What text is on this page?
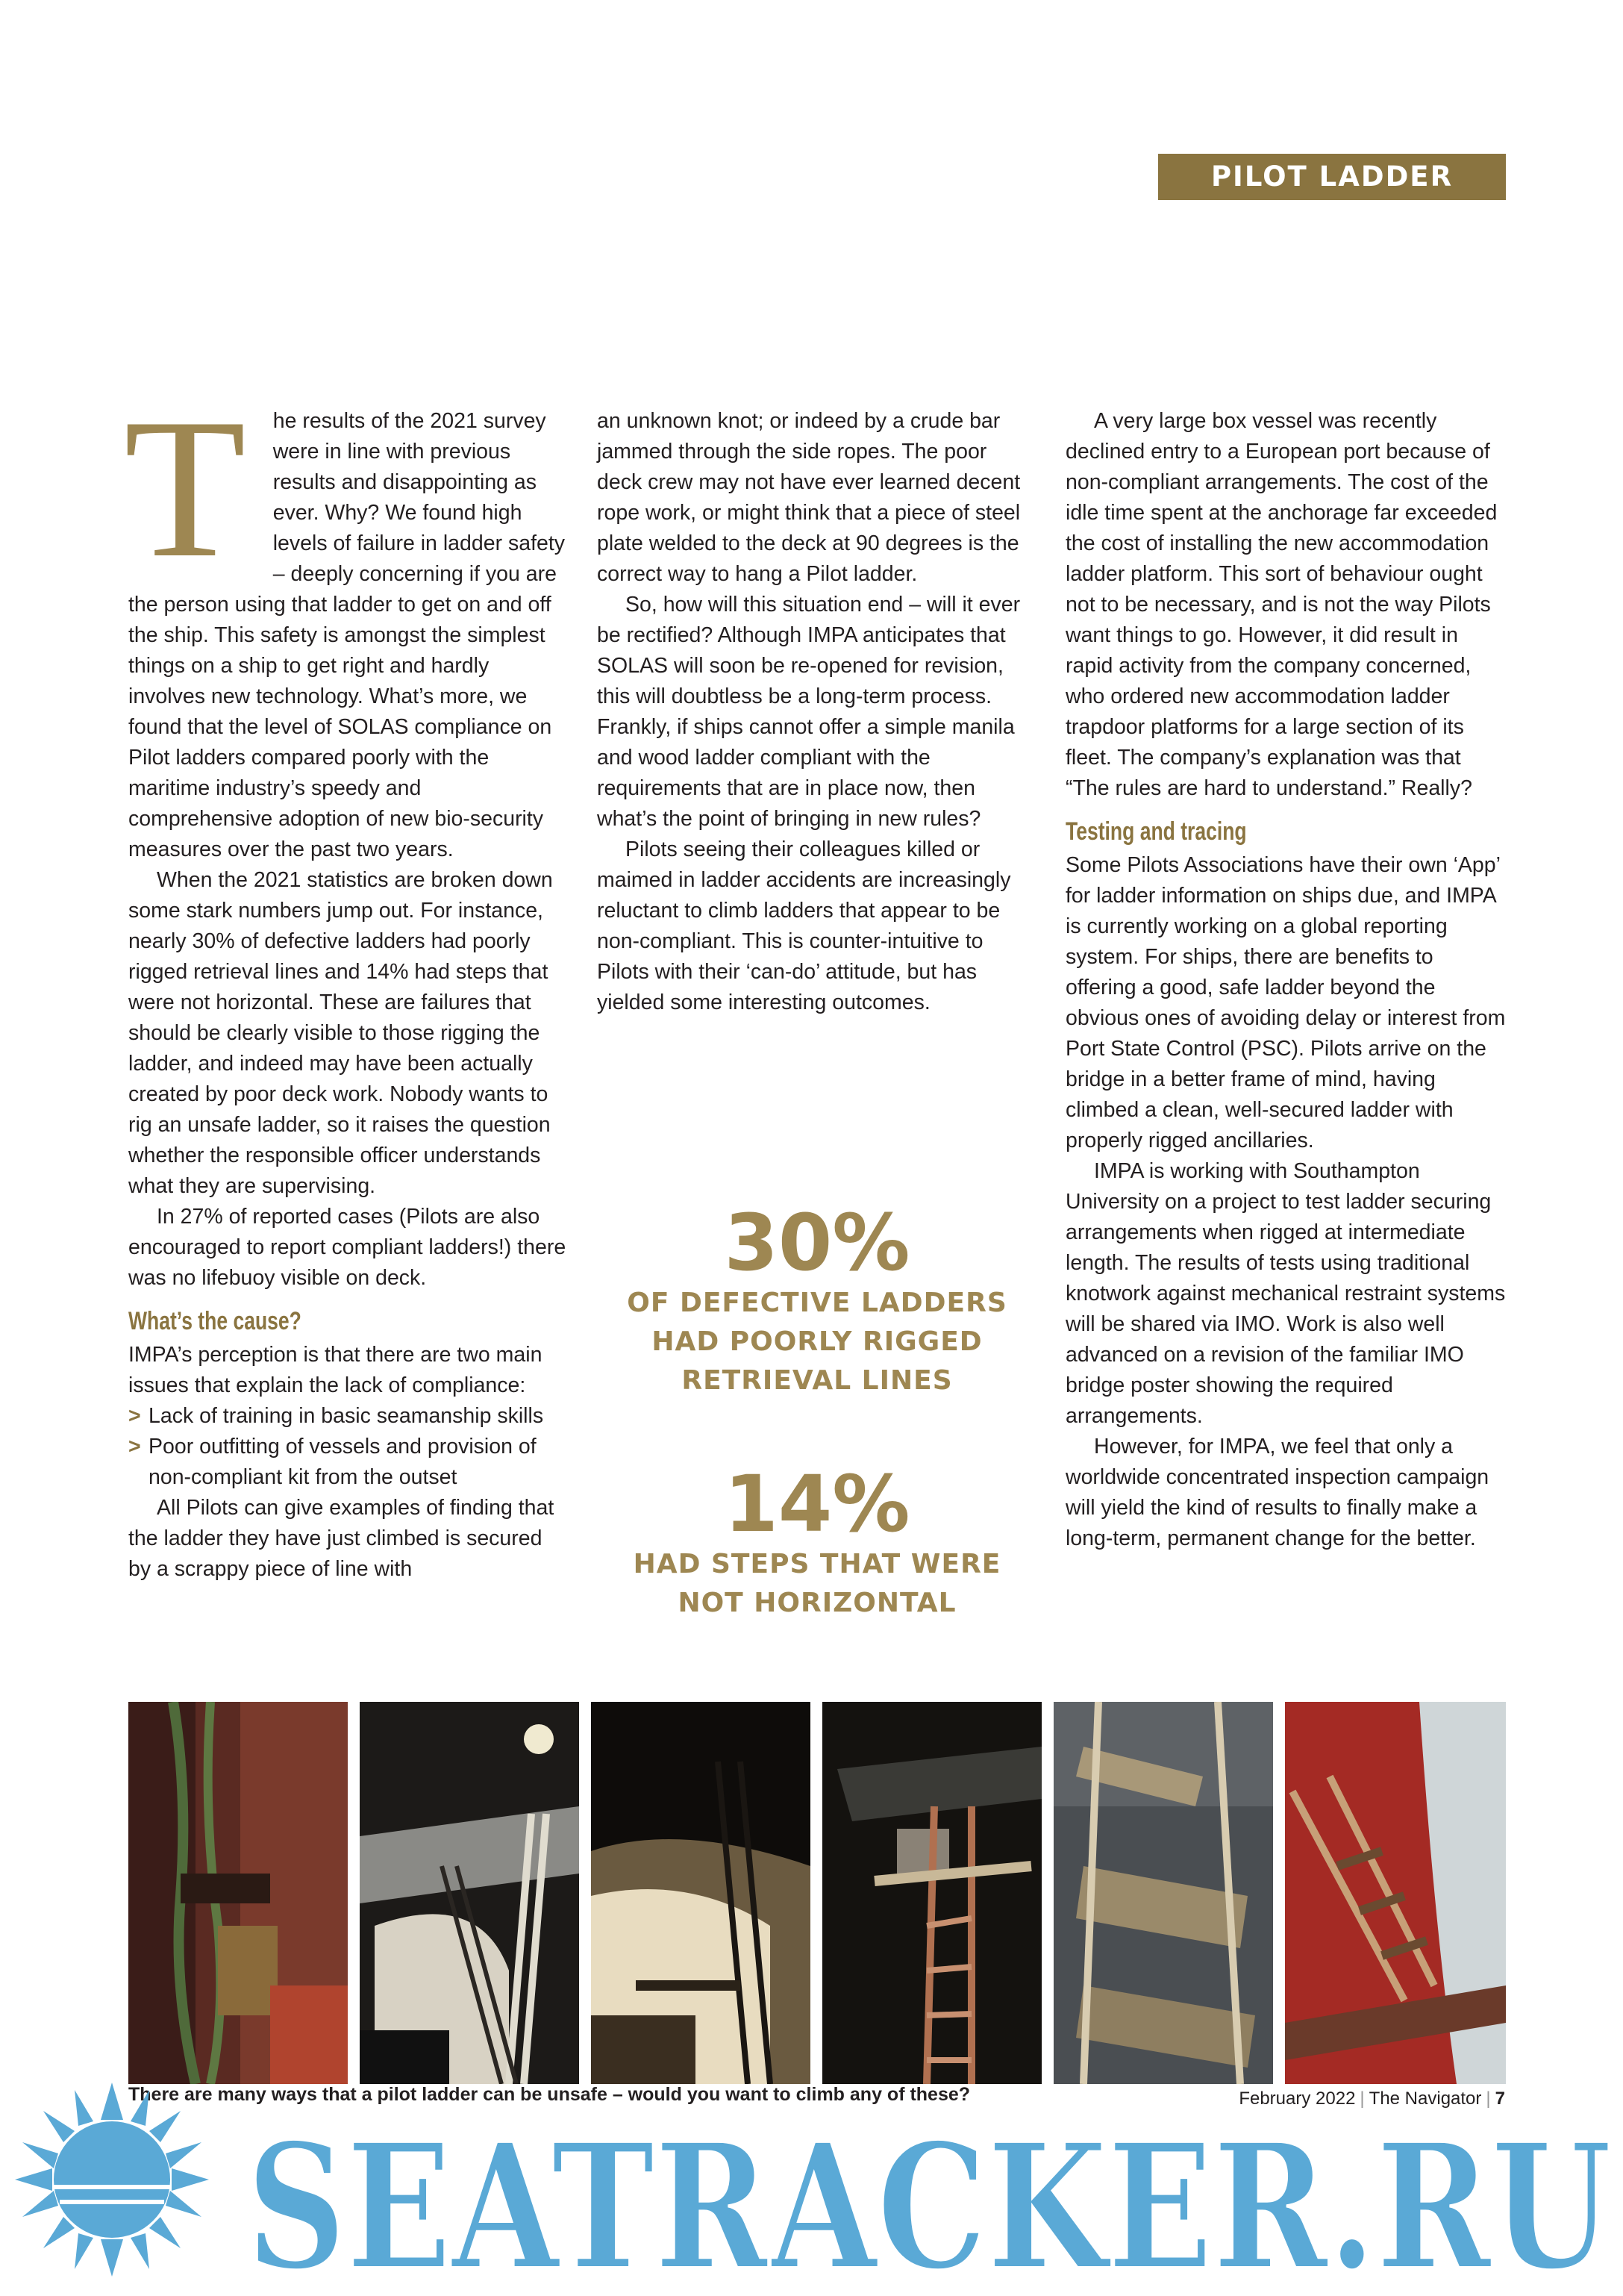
PILOT LADDER SAFETY

T he results of the 2021 survey were in line with previous results and disappointing as ever. Why? We found high levels of failure in ladder safety – deeply concerning if you are the person using that ladder to get on and off the ship. This safety is amongst the simplest things on a ship to get right and hardly involves new technology. What’s more, we found that the level of SOLAS compliance on Pilot ladders compared poorly with the maritime industry’s speedy and comprehensive adoption of new bio-security measures over the past two years.

When the 2021 statistics are broken down some stark numbers jump out. For instance, nearly 30% of defective ladders had poorly rigged retrieval lines and 14% had steps that were not horizontal. These are failures that should be clearly visible to those rigging the ladder, and indeed may have been actually created by poor deck work. Nobody wants to rig an unsafe ladder, so it raises the question whether the responsible officer understands what they are supervising.

In 27% of reported cases (Pilots are also encouraged to report compliant ladders!) there was no lifebuoy visible on deck.

What’s the cause?

IMPA’s perception is that there are two main issues that explain the lack of compliance:

> Lack of training in basic seamanship skills
> Poor outfitting of vessels and provision of non-compliant kit from the outset

All Pilots can give examples of finding that the ladder they have just climbed is secured by a scrappy piece of line with

an unknown knot; or indeed by a crude bar jammed through the side ropes. The poor deck crew may not have ever learned decent rope work, or might think that a piece of steel plate welded to the deck at 90 degrees is the correct way to hang a Pilot ladder.

So, how will this situation end – will it ever be rectified? Although IMPA anticipates that SOLAS will soon be re-opened for revision, this will doubtless be a long-term process. Frankly, if ships cannot offer a simple manila and wood ladder compliant with the requirements that are in place now, then what’s the point of bringing in new rules?

Pilots seeing their colleagues killed or maimed in ladder accidents are increasingly reluctant to climb ladders that appear to be non-compliant. This is counter-intuitive to Pilots with their ‘can-do’ attitude, but has yielded some interesting outcomes.

30%
OF DEFECTIVE LADDERS
HAD POORLY RIGGED
RETRIEVAL LINES
14%
HAD STEPS THAT WERE
NOT HORIZONTAL

A very large box vessel was recently declined entry to a European port because of non-compliant arrangements. The cost of the idle time spent at the anchorage far exceeded the cost of installing the new accommodation ladder platform. This sort of behaviour ought not to be necessary, and is not the way Pilots want things to go. However, it did result in rapid activity from the company concerned, who ordered new accommodation ladder trapdoor platforms for a large section of its fleet. The company’s explanation was that “The rules are hard to understand.” Really?

Testing and tracing

Some Pilots Associations have their own ‘App’ for ladder information on ships due, and IMPA is currently working on a global reporting system. For ships, there are benefits to offering a good, safe ladder beyond the obvious ones of avoiding delay or interest from Port State Control (PSC). Pilots arrive on the bridge in a better frame of mind, having climbed a clean, well-secured ladder with properly rigged ancillaries.

IMPA is working with Southampton University on a project to test ladder securing arrangements when rigged at intermediate length. The results of tests using traditional knotwork against mechanical restraint systems will be shared via IMO. Work is also well advanced on a revision of the familiar IMO bridge poster showing the required arrangements.

However, for IMPA, we feel that only a worldwide concentrated inspection campaign will yield the kind of results to finally make a long-term, permanent change for the better.

There are many ways that a pilot ladder can be unsafe – would you want to climb any of these?	February 2022 | The Navigator | 7
SEATRACKER.RU
